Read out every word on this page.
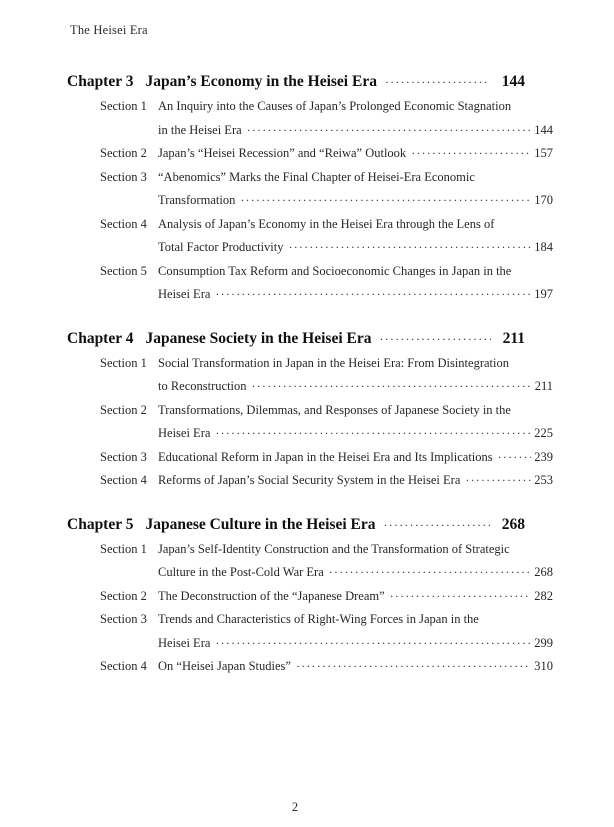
The Heisei Era
Chapter 3 Japan’s Economy in the Heisei Era ·····	144
Section 1 An Inquiry into the Causes of Japan’s Prolonged Economic Stagnation
in the Heisei Era ·····	144
Section 2 Japan’s “Heisei Recession” and “Reiwa” Outlook ·····	157
Section 3 “Abenomics” Marks the Final Chapter of Heisei-Era Economic
Transformation ·····	170
Section 4 Analysis of Japan’s Economy in the Heisei Era through the Lens of
Total Factor Productivity ·····	184
Section 5 Consumption Tax Reform and Socioeconomic Changes in Japan in the
Heisei Era ·····	197
Chapter 4 Japanese Society in the Heisei Era ·····	211
Section 1 Social Transformation in Japan in the Heisei Era: From Disintegration
to Reconstruction ·····	211
Section 2 Transformations, Dilemmas, and Responses of Japanese Society in the
Heisei Era ·····	225
Section 3 Educational Reform in Japan in the Heisei Era and Its Implications ·····	239
Section 4 Reforms of Japan’s Social Security System in the Heisei Era ·····	253
Chapter 5 Japanese Culture in the Heisei Era ·····	268
Section 1 Japan’s Self-Identity Construction and the Transformation of Strategic
Culture in the Post-Cold War Era ·····	268
Section 2 The Deconstruction of the “Japanese Dream” ·····	282
Section 3 Trends and Characteristics of Right-Wing Forces in Japan in the
Heisei Era ·····	299
Section 4 On “Heisei Japan Studies” ·····	310
2
